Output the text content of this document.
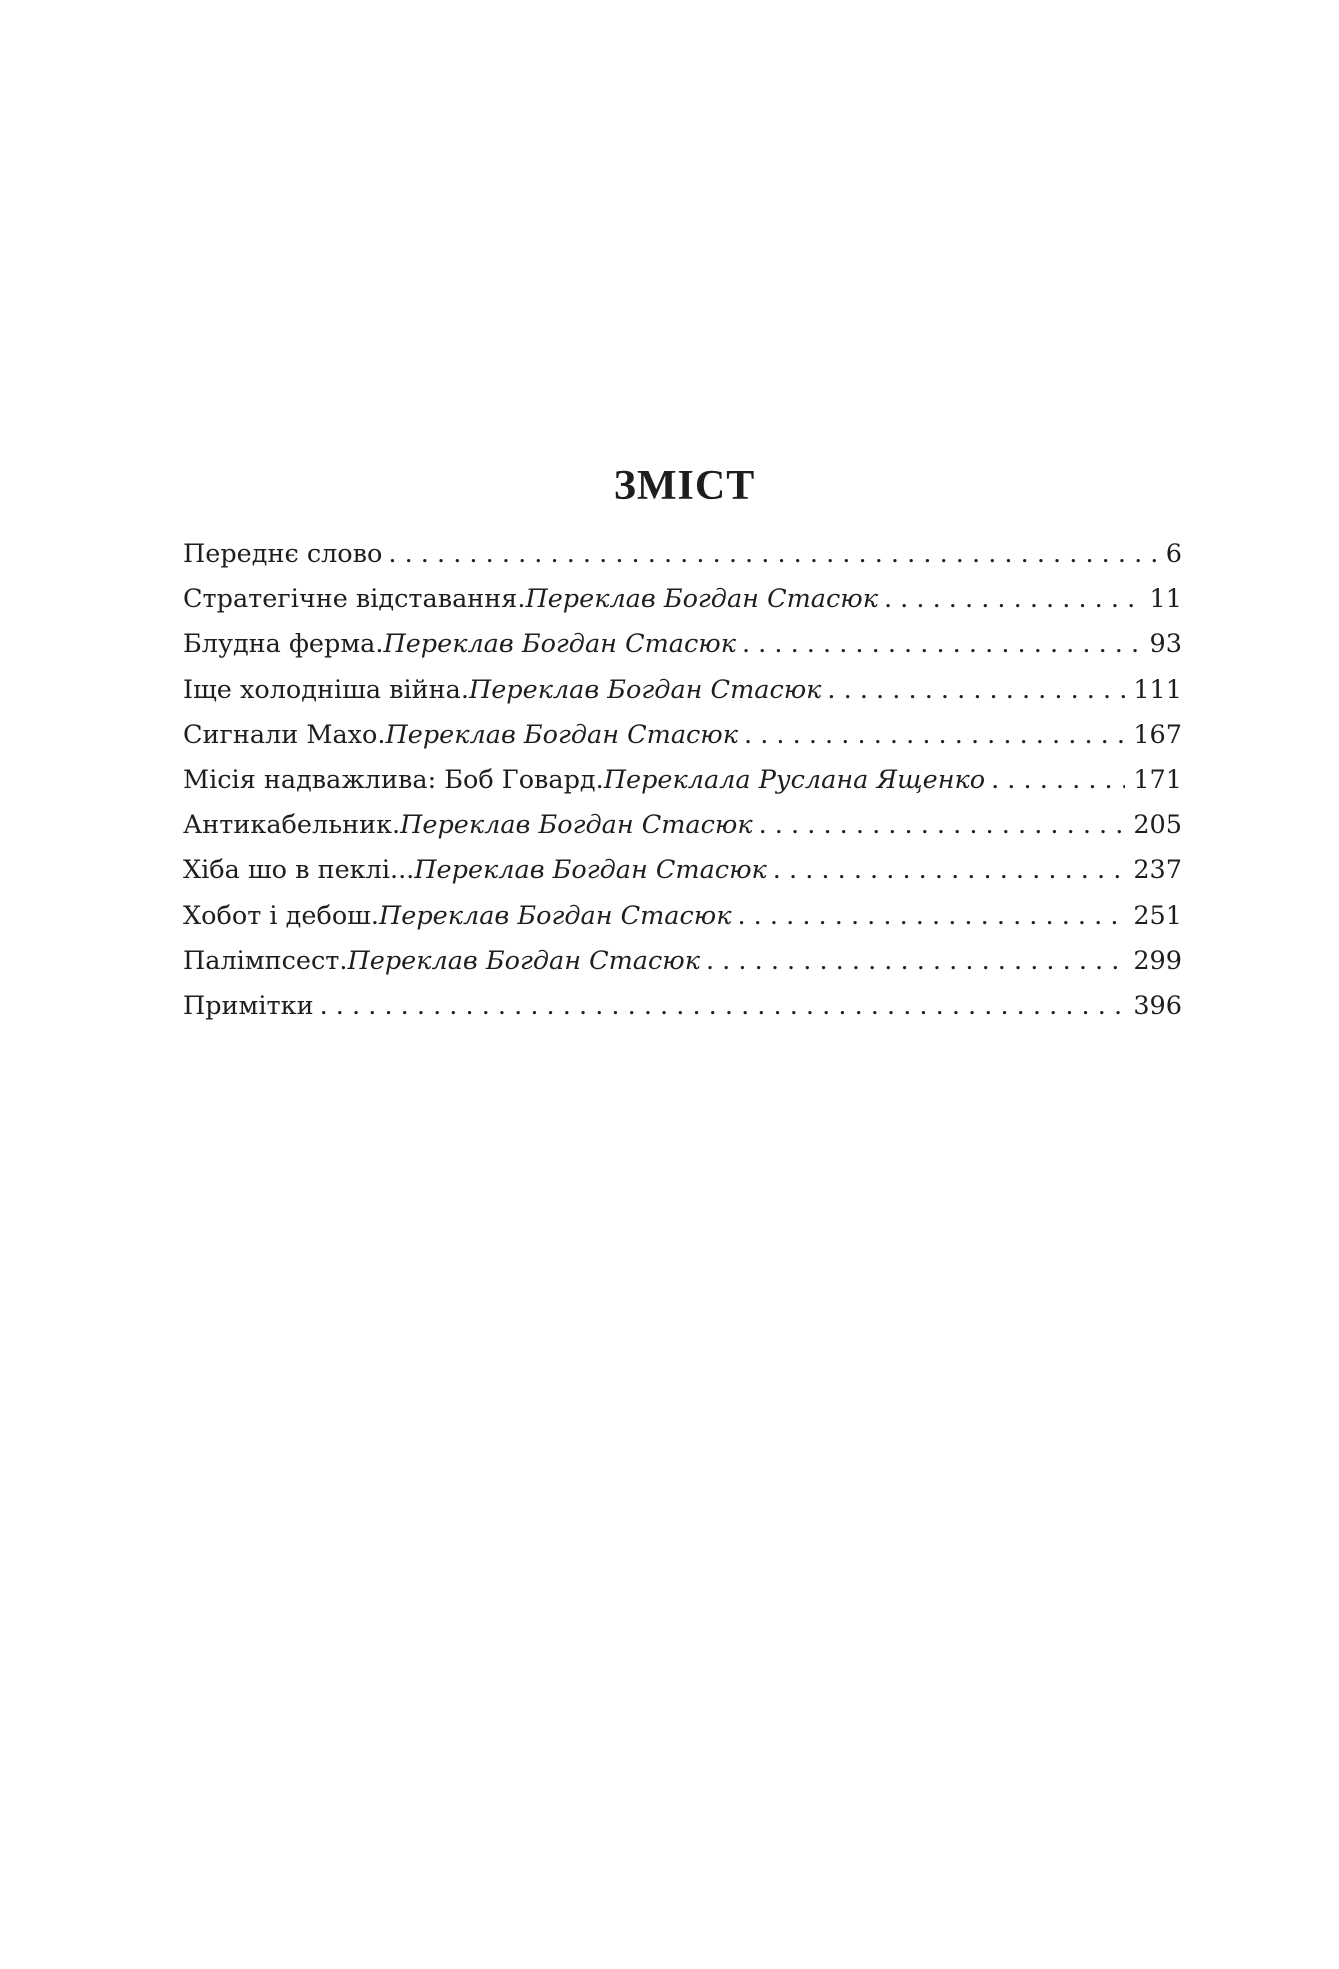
ЗМІСТ
Переднє слово . . .	6
Стратегічне відставання. Переклав Богдан Стасюк . . .	11
Блудна ферма. Переклав Богдан Стасюк . . .	93
Іще холодніша війна. Переклав Богдан Стасюк . . .	111
Сигнали Махо. Переклав Богдан Стасюк . . .	167
Місія надважлива: Боб Говард. Переклала Руслана Ященко . . .	171
Антикабельник. Переклав Богдан Стасюк . . .	205
Хіба шо в пеклі... Переклав Богдан Стасюк . . .	237
Хобот і дебош. Переклав Богдан Стасюк . . .	251
Палімпсест. Переклав Богдан Стасюк . . .	299
Примітки . . .	396
